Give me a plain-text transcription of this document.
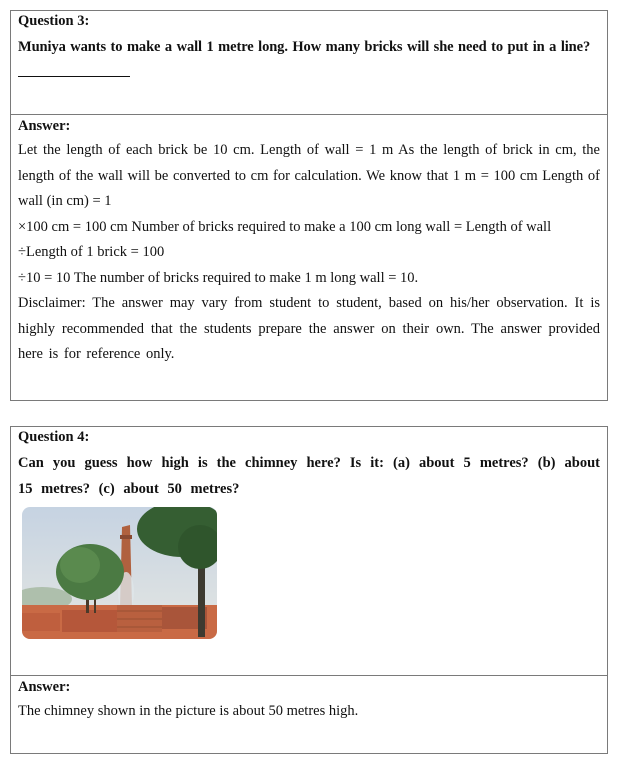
Question 3:
Muniya wants to make a wall 1 metre long. How many bricks will she need to put in a line?
Answer:
Let the length of each brick be 10 cm. Length of wall = 1 m As the length of brick in cm, the
length of the wall will be converted to cm for calculation. We know that 1 m = 100 cm Length of
wall (in cm) = 1
×100 cm = 100 cm Number of bricks required to make a 100 cm long wall = Length of wall
÷Length of 1 brick = 100
÷10 = 10 The number of bricks required to make 1 m long wall = 10.
Disclaimer: The answer may vary from student to student, based on his/her observation. It is highly recommended that the students prepare the answer on their own. The answer provided here is for reference only.
Question 4:
Can you guess how high is the chimney here? Is it: (a) about 5 metres? (b) about 15 metres? (c) about 50 metres?
Answer:
The chimney shown in the picture is about 50 metres high.
